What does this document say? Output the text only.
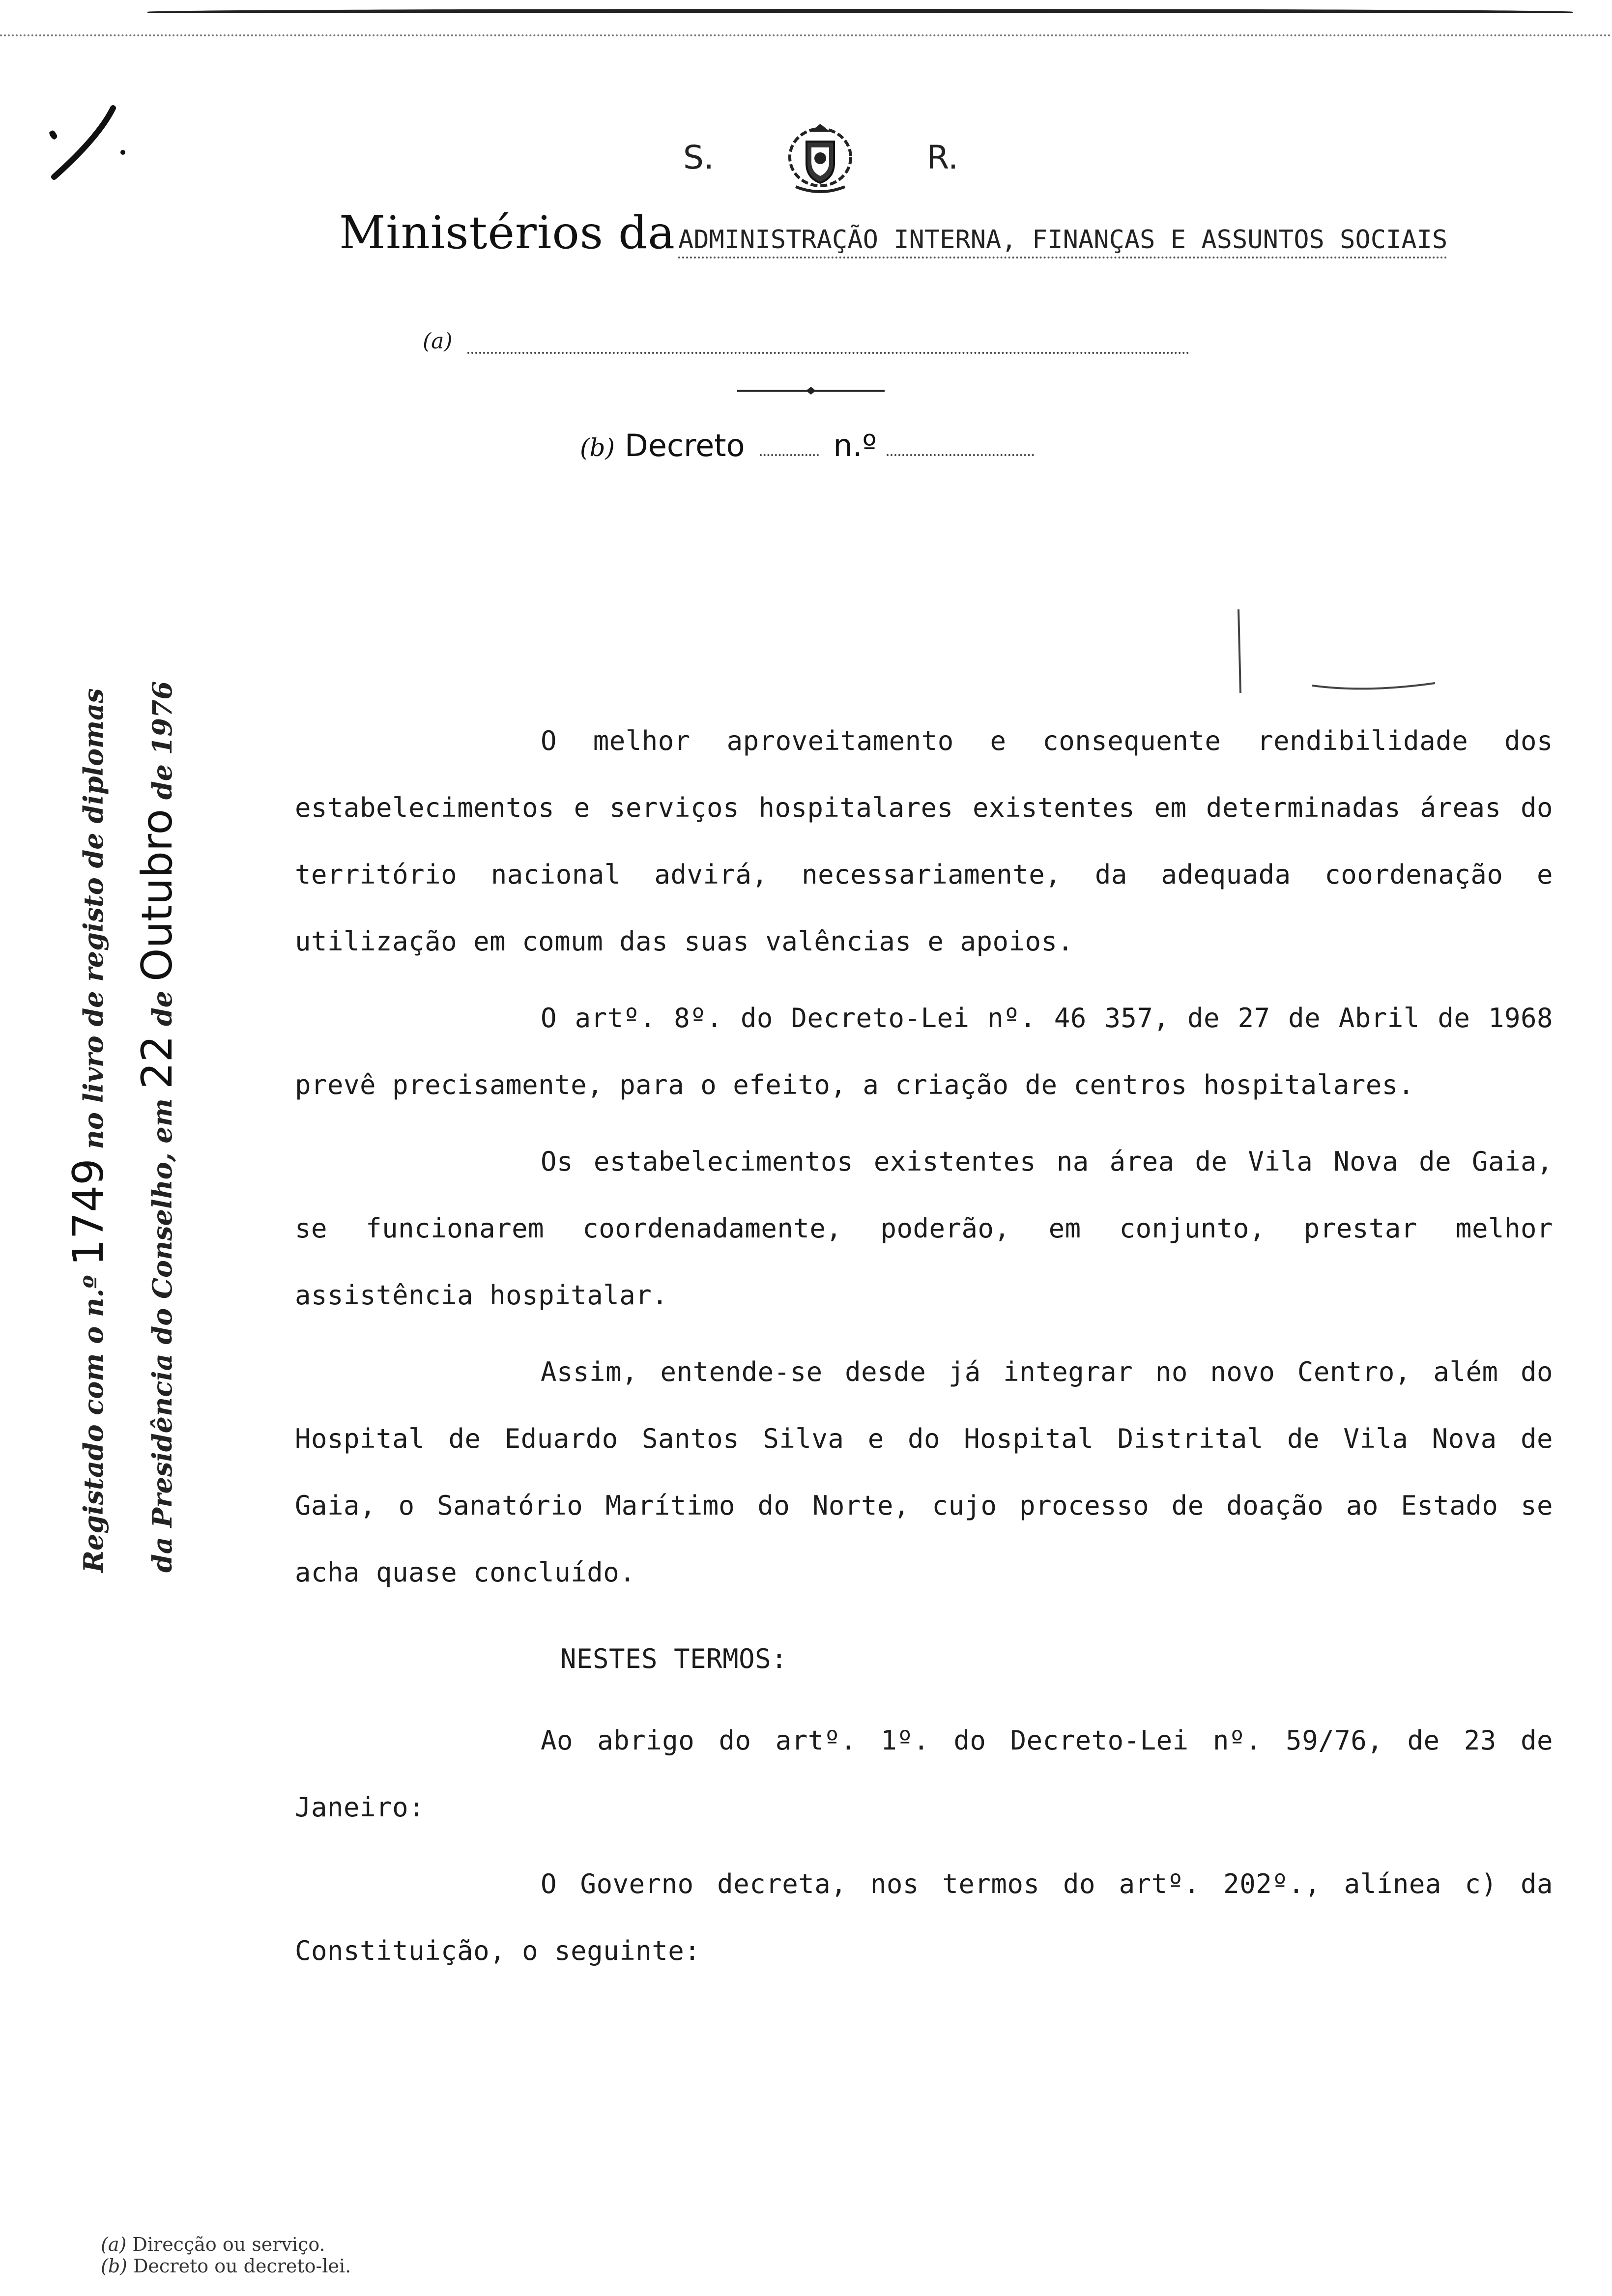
S.	R.
Ministérios da ADMINISTRAÇÃO INTERNA, FINANÇAS E ASSUNTOS SOCIAIS
(a)
(b) Decreto	n.º
Registado com o n.º 1749 no livro de registo de diplomas
da Presidência do Conselho, em 22 de Outubro de 1976	O melhor aproveitamento e consequente rendibilidade dos estabelecimentos e serviços hospitalares existentes em determinadas áreas do território nacional advirá, necessariamente, da adequada coordenação e utilização em comum das suas valências e apoios.

O artº. 8º. do Decreto-Lei nº. 46 357, de 27 de Abril de 1968 prevê precisamente, para o efeito, a criação de centros hospitalares.

Os estabelecimentos existentes na área de Vila Nova de Gaia, se funcionarem coordenadamente, poderão, em conjunto, prestar melhor assistência hospitalar.

Assim, entende-se desde já integrar no novo Centro, além do Hospital de Eduardo Santos Silva e do Hospital Distrital de Vila Nova de Gaia, o Sanatório Marítimo do Norte, cujo processo de doação ao Estado se acha quase concluído.

NESTES TERMOS:

Ao abrigo do artº. 1º. do Decreto-Lei nº. 59/76, de 23 de Janeiro:

O Governo decreta, nos termos do artº. 202º., alínea c) da Constituição, o seguinte:

(a) Direcção ou serviço.
(b) Decreto ou decreto-lei.
